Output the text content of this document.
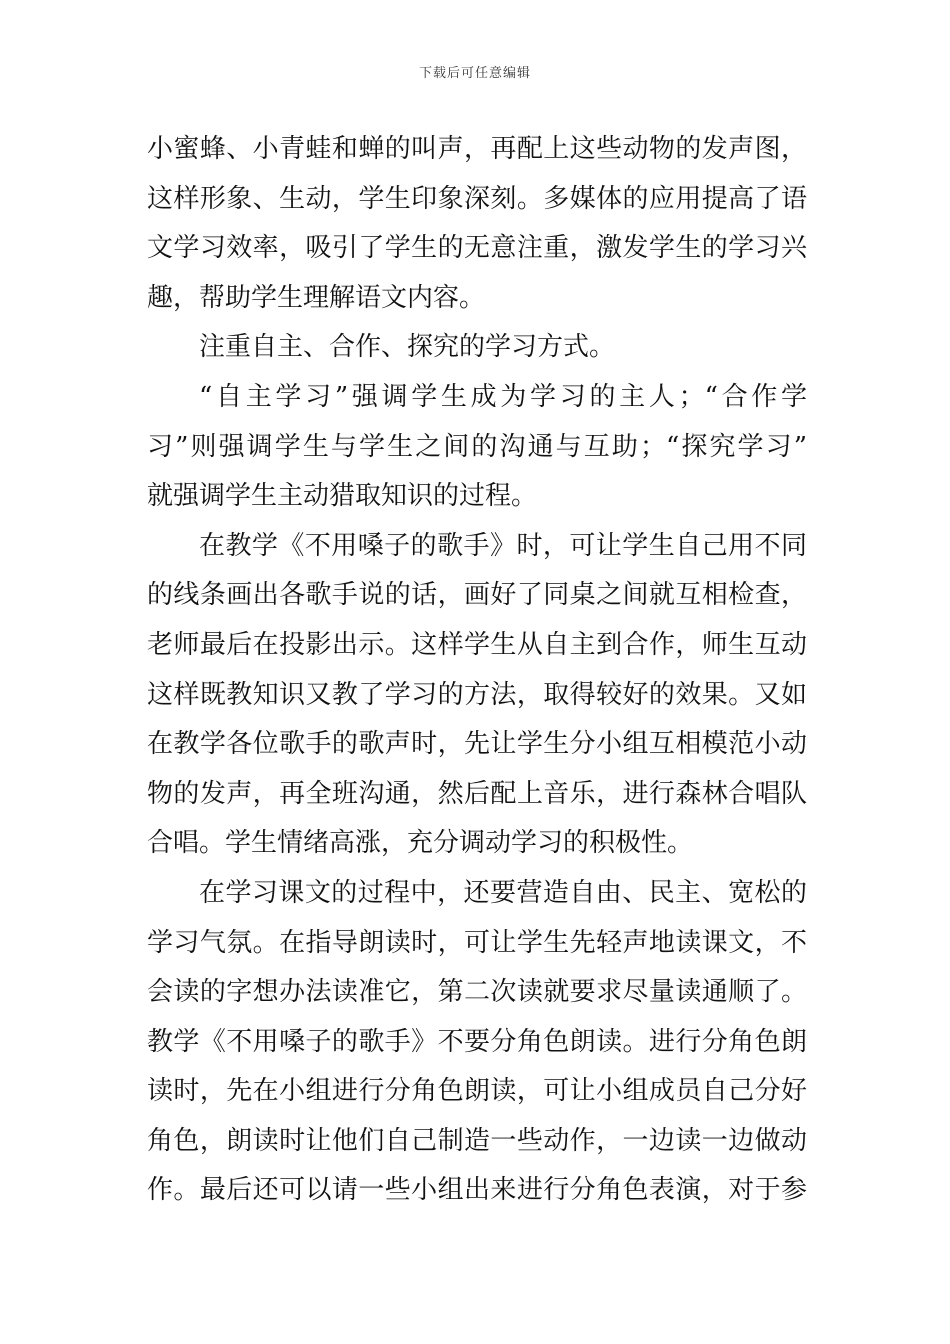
下载后可任意编辑
小蜜蜂、小青蛙和蝉的叫声，再配上这些动物的发声图，
这样形象、生动，学生印象深刻。多媒体的应用提高了语
文学习效率，吸引了学生的无意注重，激发学生的学习兴
趣，帮助学生理解语文内容。
注重自主、合作、探究的学习方式。
“自主学习”强调学生成为学习的主人；“合作学
习”则强调学生与学生之间的沟通与互助；“探究学习”
就强调学生主动猎取知识的过程。
在教学《不用嗓子的歌手》时，可让学生自己用不同
的线条画出各歌手说的话，画好了同桌之间就互相检查，
老师最后在投影出示。这样学生从自主到合作，师生互动
这样既教知识又教了学习的方法，取得较好的效果。又如
在教学各位歌手的歌声时，先让学生分小组互相模范小动
物的发声，再全班沟通，然后配上音乐，进行森林合唱队
合唱。学生情绪高涨，充分调动学习的积极性。
在学习课文的过程中，还要营造自由、民主、宽松的
学习气氛。在指导朗读时，可让学生先轻声地读课文，不
会读的字想办法读准它，第二次读就要求尽量读通顺了。
教学《不用嗓子的歌手》不要分角色朗读。进行分角色朗
读时，先在小组进行分角色朗读，可让小组成员自己分好
角色，朗读时让他们自己制造一些动作，一边读一边做动
作。最后还可以请一些小组出来进行分角色表演，对于参
